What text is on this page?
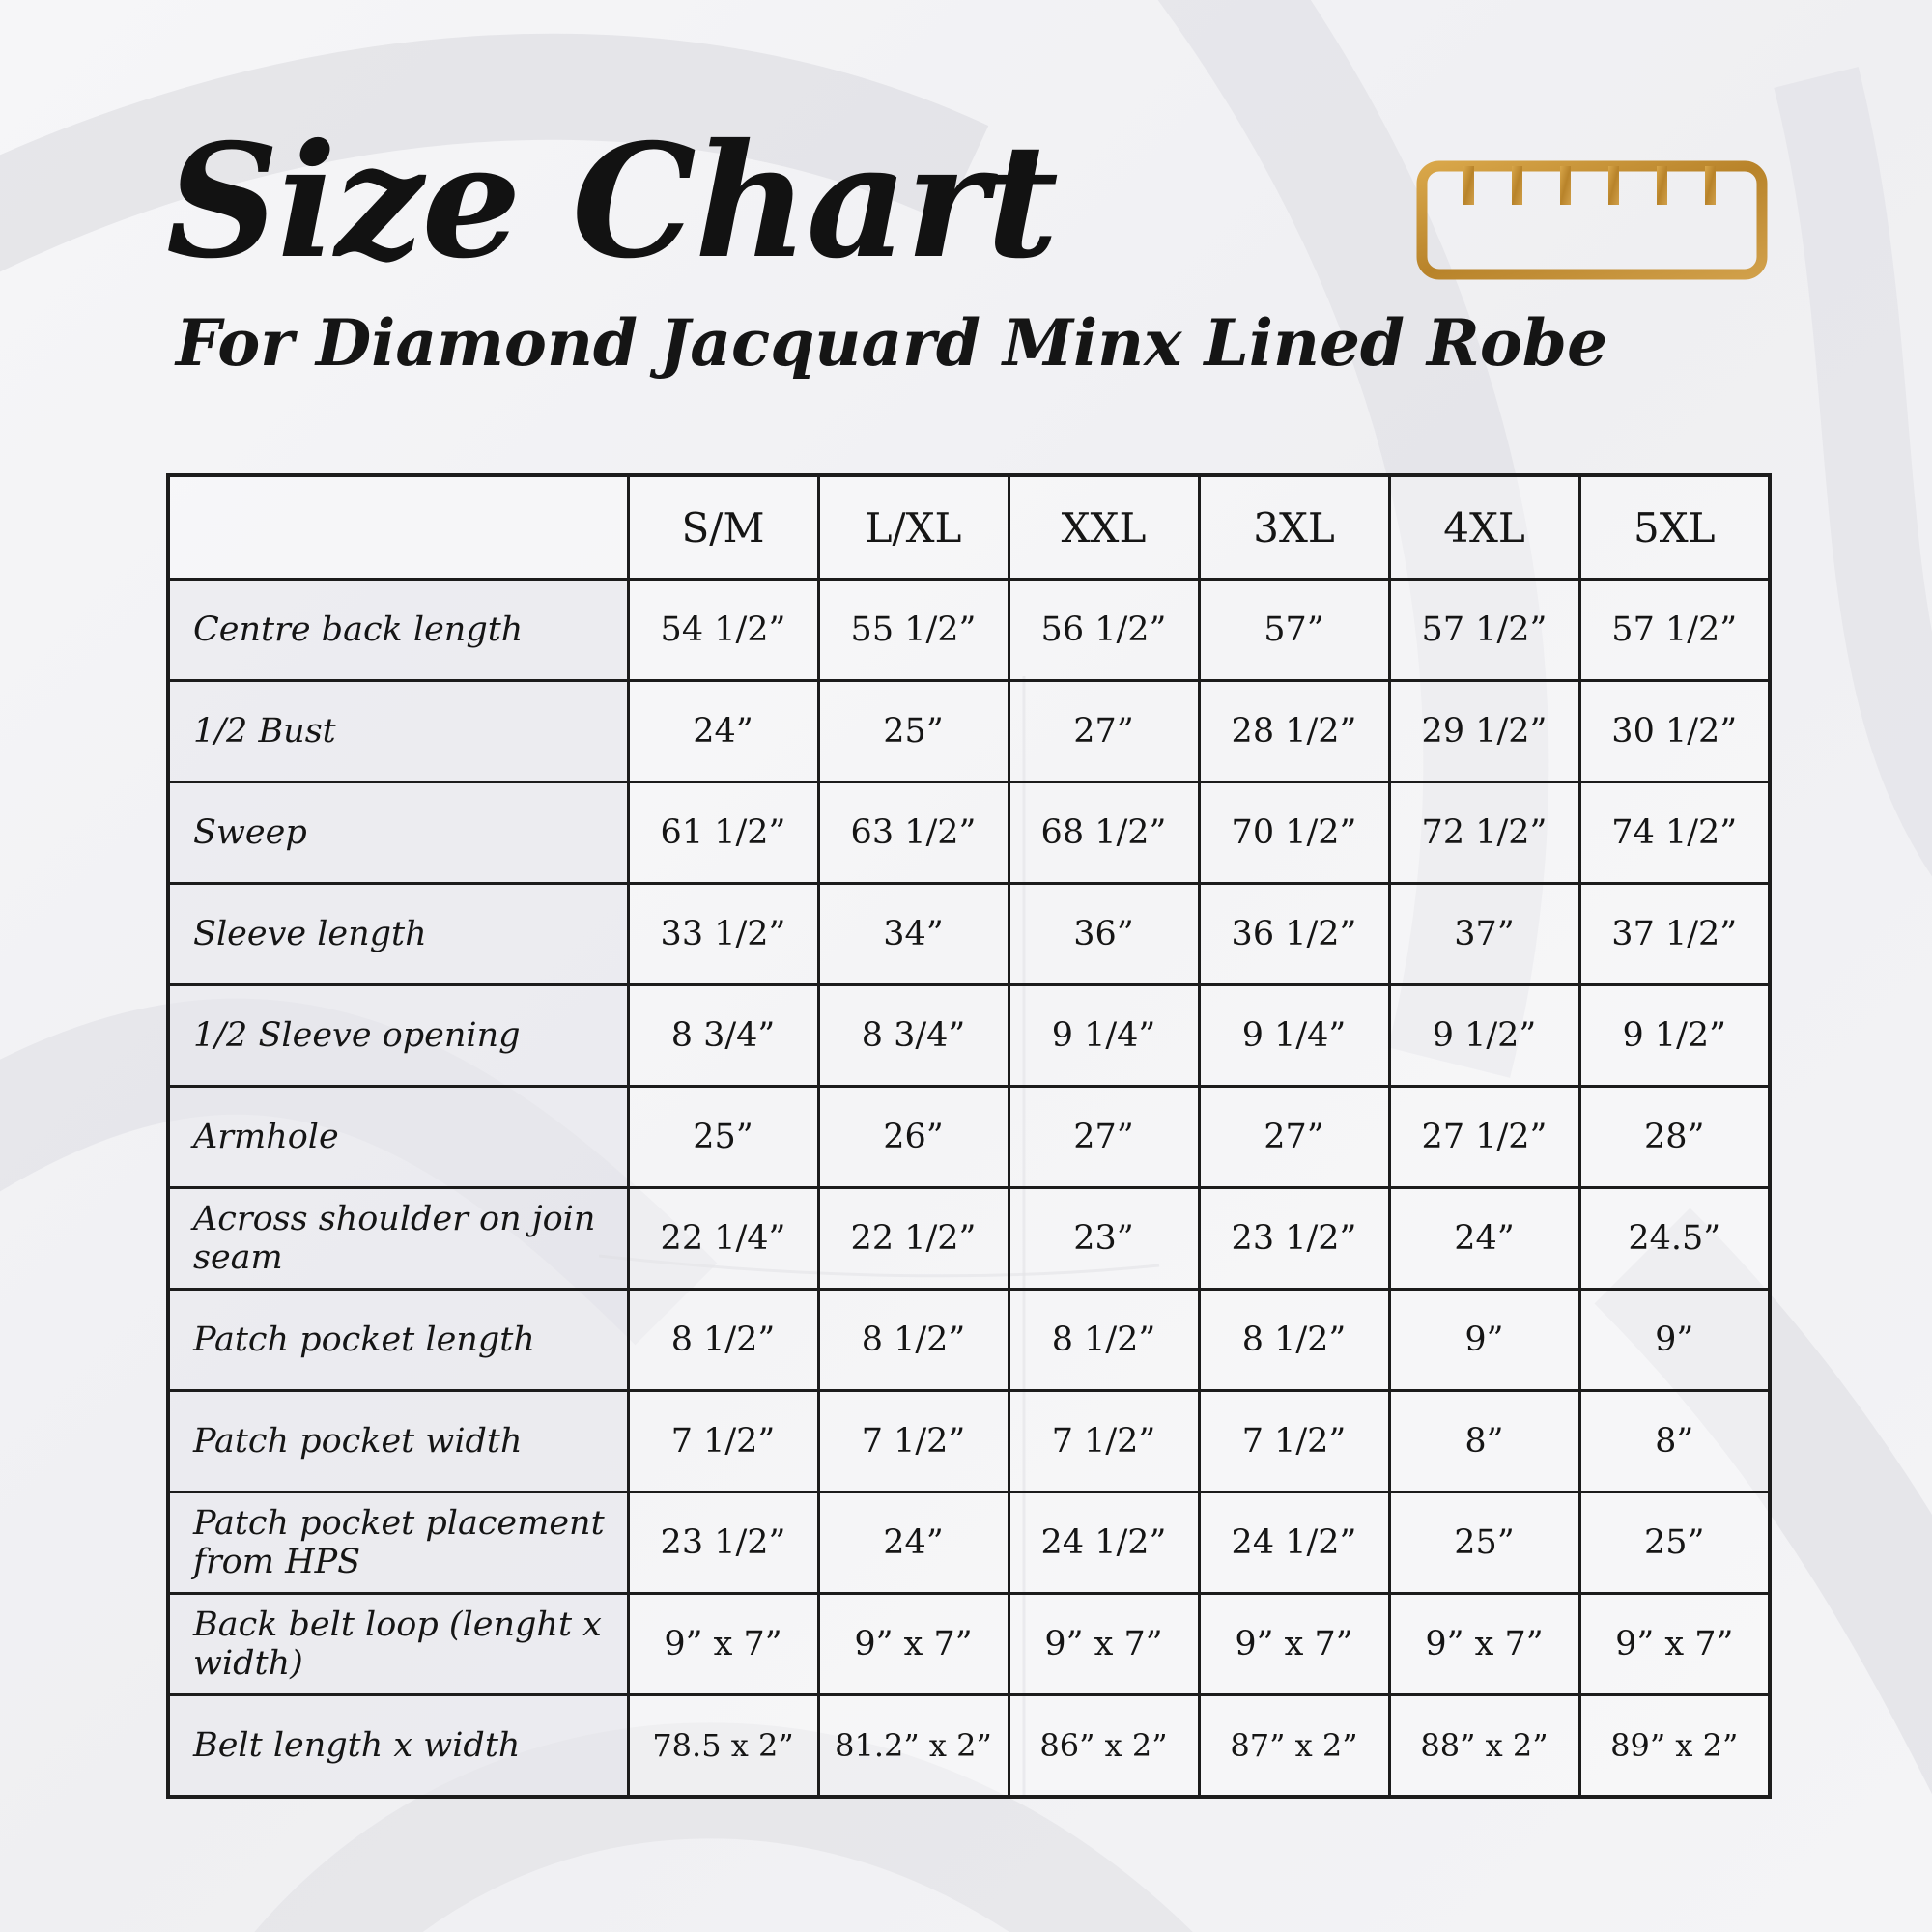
Size Chart
For Diamond Jacquard Minx Lined Robe
	S/M	L/XL	XXL	3XL	4XL	5XL
Centre back length	54 1/2”	55 1/2”	56 1/2”	57”	57 1/2”	57 1/2”
1/2 Bust	24”	25”	27”	28 1/2”	29 1/2”	30 1/2”
Sweep	61 1/2”	63 1/2”	68 1/2”	70 1/2”	72 1/2”	74 1/2”
Sleeve length	33 1/2”	34”	36”	36 1/2”	37”	37 1/2”
1/2 Sleeve opening	8 3/4”	8 3/4”	9 1/4”	9 1/4”	9 1/2”	9 1/2”
Armhole	25”	26”	27”	27”	27 1/2”	28”
Across shoulder on join seam	22 1/4”	22 1/2”	23”	23 1/2”	24”	24.5”
Patch pocket length	8 1/2”	8 1/2”	8 1/2”	8 1/2”	9”	9”
Patch pocket width	7 1/2”	7 1/2”	7 1/2”	7 1/2”	8”	8”
Patch pocket placement from HPS	23 1/2”	24”	24 1/2”	24 1/2”	25”	25”
Back belt loop (lenght x width)	9” x 7”	9” x 7”	9” x 7”	9” x 7”	9” x 7”	9” x 7”
Belt length x width	78.5 x 2”	81.2” x 2”	86” x 2”	87” x 2”	88” x 2”	89” x 2”
